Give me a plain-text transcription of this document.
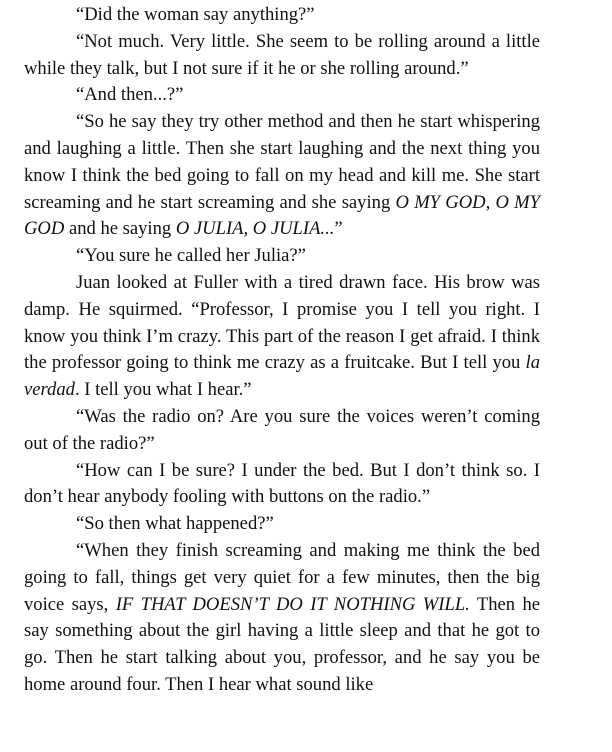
“Did the woman say anything?”

“Not much. Very little. She seem to be rolling around a little while they talk, but I not sure if it he or she rolling around.”

“And then...?”

“So he say they try other method and then he start whispering and laughing a little. Then she start laughing and the next thing you know I think the bed going to fall on my head and kill me. She start screaming and he start screaming and she saying O MY GOD, O MY GOD and he saying O JULIA, O JULIA...”

“You sure he called her Julia?”

Juan looked at Fuller with a tired drawn face. His brow was damp. He squirmed. “Professor, I promise you I tell you right. I know you think I’m crazy. This part of the reason I get afraid. I think the professor going to think me crazy as a fruitcake. But I tell you la verdad. I tell you what I hear.”

“Was the radio on? Are you sure the voices weren’t coming out of the radio?”

“How can I be sure? I under the bed. But I don’t think so. I don’t hear anybody fooling with buttons on the radio.”

“So then what happened?”

“When they finish screaming and making me think the bed going to fall, things get very quiet for a few minutes, then the big voice says, IF THAT DOESN’T DO IT NOTHING WILL. Then he say something about the girl having a little sleep and that he got to go. Then he start talking about you, professor, and he say you be home around four. Then I hear what sound like
